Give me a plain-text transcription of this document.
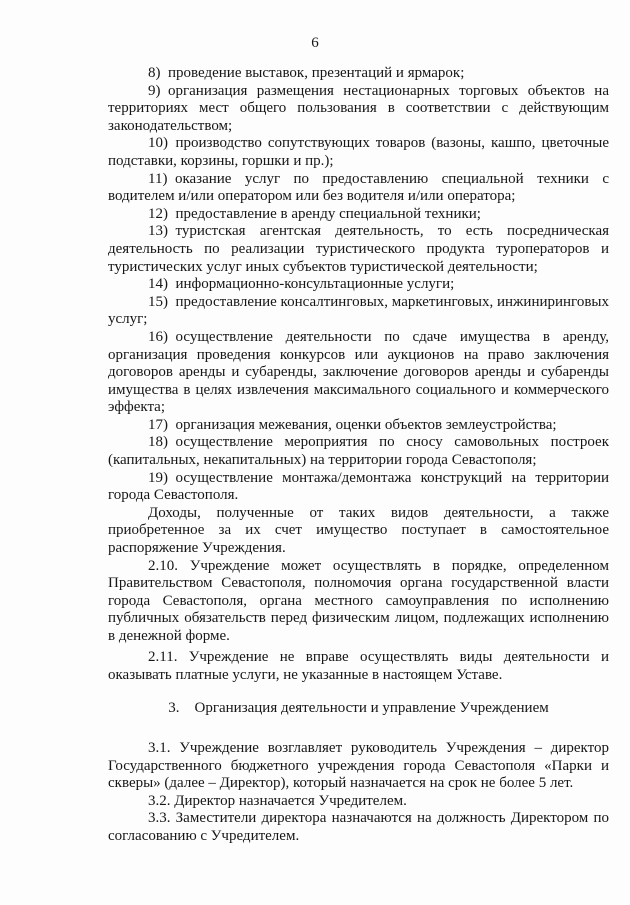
6

8) проведение выставок, презентаций и ярмарок;

9) организация размещения нестационарных торговых объектов на территориях мест общего пользования в соответствии с действующим законодательством;

10) производство сопутствующих товаров (вазоны, кашпо, цветочные подставки, корзины, горшки и пр.);

11) оказание услуг по предоставлению специальной техники с водителем и/или оператором или без водителя и/или оператора;

12) предоставление в аренду специальной техники;

13) туристская агентская деятельность, то есть посредническая деятельность по реализации туристического продукта туроператоров и туристических услуг иных субъектов туристической деятельности;

14) информационно-консультационные услуги;

15) предоставление консалтинговых, маркетинговых, инжиниринговых услуг;

16) осуществление деятельности по сдаче имущества в аренду, организация проведения конкурсов или аукционов на право заключения договоров аренды и субаренды, заключение договоров аренды и субаренды имущества в целях извлечения максимального социального и коммерческого эффекта;

17) организация межевания, оценки объектов землеустройства;

18) осуществление мероприятия по сносу самовольных построек (капитальных, некапитальных) на территории города Севастополя;

19) осуществление монтажа/демонтажа конструкций на территории города Севастополя.

Доходы, полученные от таких видов деятельности, а также приобретенное за их счет имущество поступает в самостоятельное распоряжение Учреждения.

2.10. Учреждение может осуществлять в порядке, определенном Правительством Севастополя, полномочия органа государственной власти города Севастополя, органа местного самоуправления по исполнению публичных обязательств перед физическим лицом, подлежащих исполнению в денежной форме.

2.11. Учреждение не вправе осуществлять виды деятельности и оказывать платные услуги, не указанные в настоящем Уставе.

3. Организация деятельности и управление Учреждением

3.1. Учреждение возглавляет руководитель Учреждения – директор Государственного бюджетного учреждения города Севастополя «Парки и скверы» (далее – Директор), который назначается на срок не более 5 лет.

3.2. Директор назначается Учредителем.

3.3. Заместители директора назначаются на должность Директором по согласованию с Учредителем.
